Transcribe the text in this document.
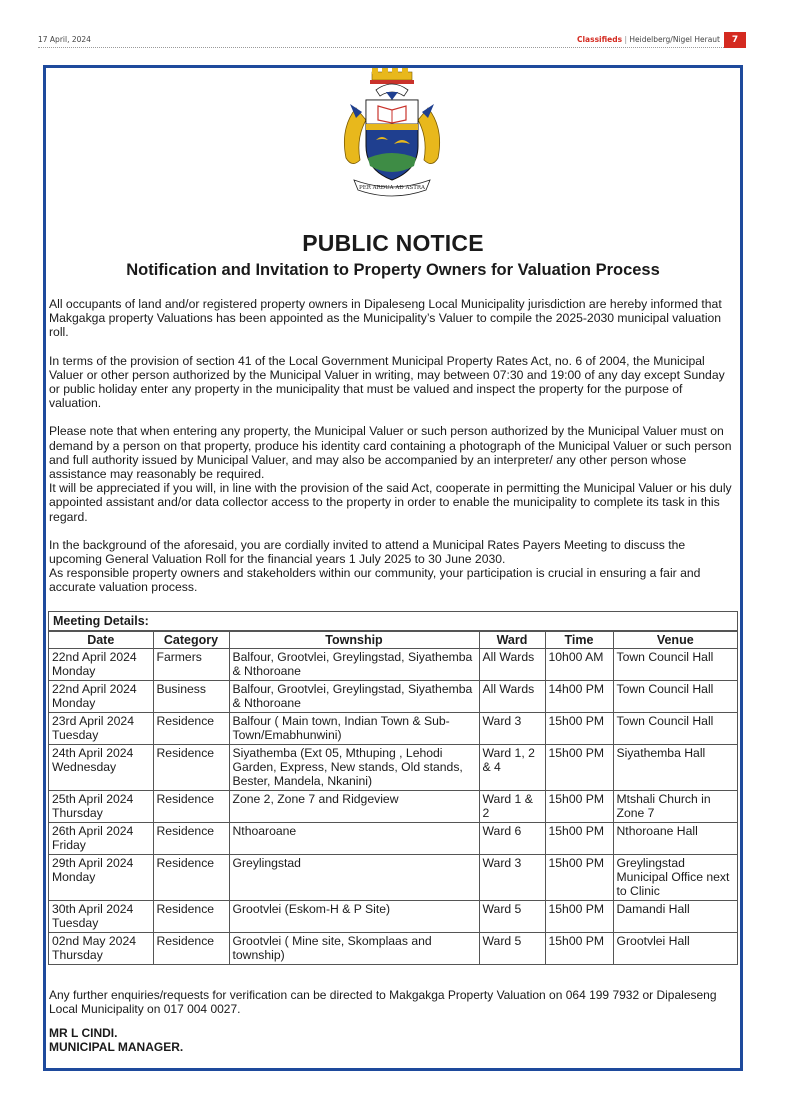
17 April, 2024	Classifieds | Heidelberg/Nigel Heraut	7
PER ARDUA AD ASTRA
PUBLIC NOTICE
Notification and Invitation to Property Owners for Valuation Process

All occupants of land and/or registered property owners in Dipaleseng Local Municipality jurisdiction are hereby informed that Makgakga property Valuations has been appointed as the Municipality’s Valuer to compile the 2025-2030 municipal valuation roll.

In terms of the provision of section 41 of the Local Government Municipal Property Rates Act, no. 6 of 2004, the Municipal Valuer or other person authorized by the Municipal Valuer in writing, may between 07:30 and 19:00 of any day except Sunday or public holiday enter any property in the municipality that must be valued and inspect the property for the purpose of valuation.

Please note that when entering any property, the Municipal Valuer or such person authorized by the Municipal Valuer must on demand by a person on that property, produce his identity card containing a photograph of the Municipal Valuer or such person and full authority issued by Municipal Valuer, and may also be accompanied by an interpreter/ any other person whose assistance may reasonably be required.

It will be appreciated if you will, in line with the provision of the said Act, cooperate in permitting the Municipal Valuer or his duly appointed assistant and/or data collector access to the property in order to enable the municipality to complete its task in this regard.

In the background of the aforesaid, you are cordially invited to attend a Municipal Rates Payers Meeting to discuss the upcoming General Valuation Roll for the financial years 1 July 2025 to 30 June 2030.

As responsible property owners and stakeholders within our community, your participation is crucial in ensuring a fair and accurate valuation process.

Meeting Details:
Date	Category	Township	Ward	Time	Venue
22nd April 2024 Monday	Farmers	Balfour, Grootvlei, Greylingstad, Siyathemba & Nthoroane	All Wards	10h00 AM	Town Council Hall
22nd April 2024 Monday	Business	Balfour, Grootvlei, Greylingstad, Siyathemba & Nthoroane	All Wards	14h00 PM	Town Council Hall
23rd April 2024 Tuesday	Residence	Balfour ( Main town, Indian Town & Sub-Town/Emabhunwini)	Ward 3	15h00 PM	Town Council Hall
24th April 2024 Wednesday	Residence	Siyathemba (Ext 05, Mthuping , Lehodi Garden, Express, New stands, Old stands, Bester, Mandela, Nkanini)	Ward 1, 2 & 4	15h00 PM	Siyathemba Hall
25th April 2024 Thursday	Residence	Zone 2, Zone 7 and Ridgeview	Ward 1 & 2	15h00 PM	Mtshali Church in Zone 7
26th April 2024 Friday	Residence	Nthoaroane	Ward 6	15h00 PM	Nthoroane Hall
29th April 2024 Monday	Residence	Greylingstad	Ward 3	15h00 PM	Greylingstad Municipal Office next to Clinic
30th April 2024 Tuesday	Residence	Grootvlei (Eskom-H & P Site)	Ward 5	15h00 PM	Damandi Hall
02nd May 2024 Thursday	Residence	Grootvlei ( Mine site, Skomplaas and township)	Ward 5	15h00 PM	Grootvlei Hall

Any further enquiries/requests for verification can be directed to Makgakga Property Valuation on 064 199 7932 or Dipaleseng Local Municipality on 017 004 0027.

MR L CINDI.
MUNICIPAL MANAGER.
